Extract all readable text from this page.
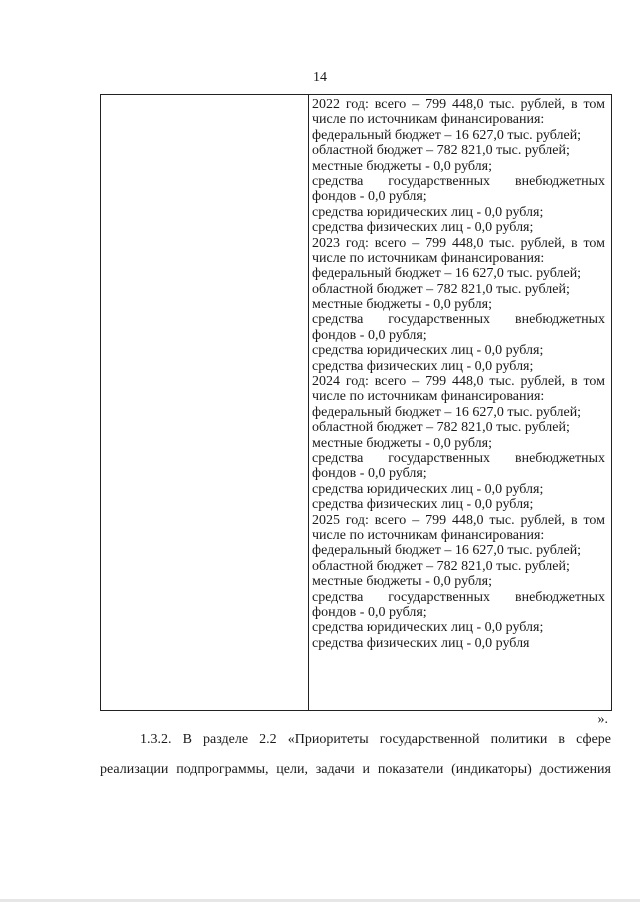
14
2022 год: всего – 799 448,0 тыс. рублей, в том
числе по источникам финансирования:
федеральный бюджет – 16 627,0 тыс. рублей;
областной бюджет – 782 821,0 тыс. рублей;
местные бюджеты - 0,0 рубля;
средства государственных внебюджетных
фондов - 0,0 рубля;
средства юридических лиц - 0,0 рубля;
средства физических лиц - 0,0 рубля;
2023 год: всего – 799 448,0 тыс. рублей, в том
числе по источникам финансирования:
федеральный бюджет – 16 627,0 тыс. рублей;
областной бюджет – 782 821,0 тыс. рублей;
местные бюджеты - 0,0 рубля;
средства государственных внебюджетных
фондов - 0,0 рубля;
средства юридических лиц - 0,0 рубля;
средства физических лиц - 0,0 рубля;
2024 год: всего – 799 448,0 тыс. рублей, в том
числе по источникам финансирования:
федеральный бюджет – 16 627,0 тыс. рублей;
областной бюджет – 782 821,0 тыс. рублей;
местные бюджеты - 0,0 рубля;
средства государственных внебюджетных
фондов - 0,0 рубля;
средства юридических лиц - 0,0 рубля;
средства физических лиц - 0,0 рубля;
2025 год: всего – 799 448,0 тыс. рублей, в том
числе по источникам финансирования:
федеральный бюджет – 16 627,0 тыс. рублей;
областной бюджет – 782 821,0 тыс. рублей;
местные бюджеты - 0,0 рубля;
средства государственных внебюджетных
фондов - 0,0 рубля;
средства юридических лиц - 0,0 рубля;
средства физических лиц - 0,0 рубля
».
1.3.2. В разделе 2.2 «Приоритеты государственной политики в сфере
реализации подпрограммы, цели, задачи и показатели (индикаторы) достижения
